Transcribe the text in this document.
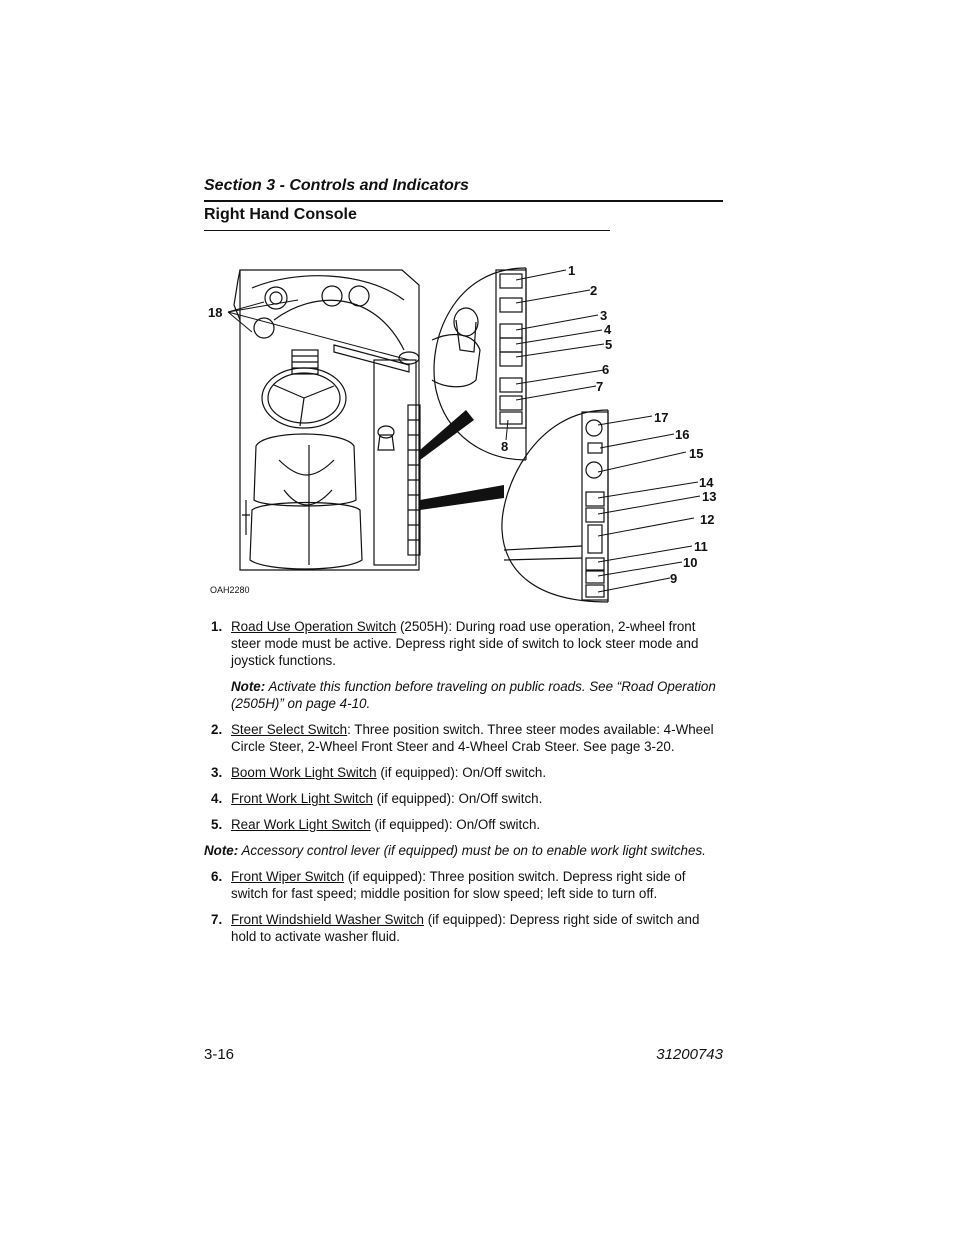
Section 3 - Controls and Indicators
Right Hand Console
1
2
3
4
5
6
7
8
9
10
11
12
13
14
15
16
17
18
OAH2280
1. Road Use Operation Switch (2505H): During road use operation, 2-wheel front steer mode must be active. Depress right side of switch to lock steer mode and joystick functions.
Note: Activate this function before traveling on public roads. See “Road Operation (2505H)” on page 4-10.
2. Steer Select Switch: Three position switch. Three steer modes available: 4-Wheel Circle Steer, 2-Wheel Front Steer and 4-Wheel Crab Steer. See page 3-20.
3. Boom Work Light Switch (if equipped): On/Off switch.
4. Front Work Light Switch (if equipped): On/Off switch.
5. Rear Work Light Switch (if equipped): On/Off switch.
Note: Accessory control lever (if equipped) must be on to enable work light switches.
6. Front Wiper Switch (if equipped): Three position switch. Depress right side of switch for fast speed; middle position for slow speed; left side to turn off.
7. Front Windshield Washer Switch (if equipped): Depress right side of switch and hold to activate washer fluid.
3-16	31200743
